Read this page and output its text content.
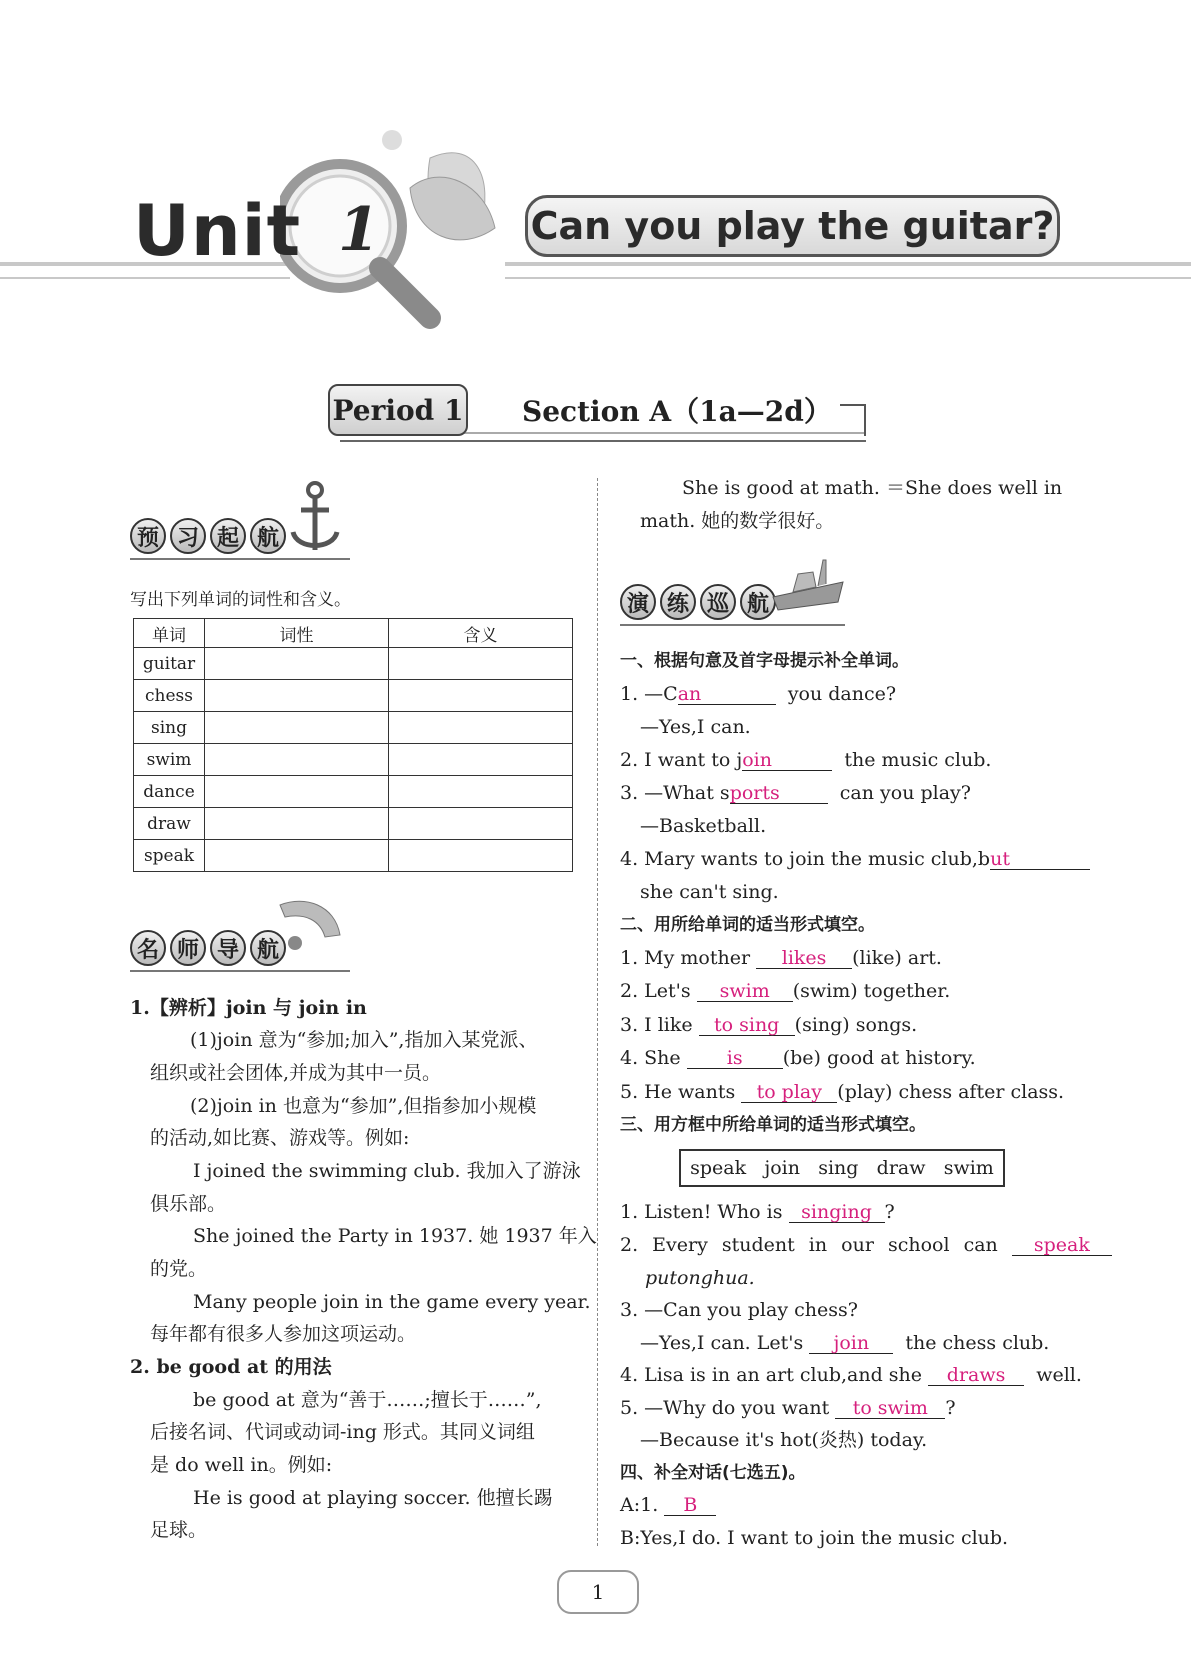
Unit 1	Can you play the guitar?
Period 1 Section A（1a—2d）
预 习 起 航
写出下列单词的词性和含义。
单词	词性	含义
guitar		
chess		
sing		
swim		
dance		
draw		
speak		
名 师 导 航
1.【辨析】join 与 join in
(1)join 意为“参加;加入”,指加入某党派、
组织或社会团体,并成为其中一员。
(2)join in 也意为“参加”,但指参加小规模
的活动,如比赛、游戏等。例如:
I joined the swimming club. 我加入了游泳
俱乐部。
She joined the Party in 1937. 她 1937 年入
的党。
Many people join in the game every year.
每年都有很多人参加这项运动。
2. be good at 的用法
be good at 意为“善于……;擅长于……”,
后接名词、代词或动词-ing 形式。其同义词组
是 do well in。例如:
He is good at playing soccer. 他擅长踢
足球。
She is good at math. ＝She does well in
math. 她的数学很好。
演 练 巡 航
一、根据句意及首字母提示补全单词。
1. —Can	you dance?
—Yes,I can.
2. I want to join	the music club.
3. —What sports	can you play?
—Basketball.
4. Mary wants to join the music club,but
she can't sing.
二、用所给单词的适当形式填空。
1. My mother likes (like) art.
2. Let's swim (swim) together.
3. I like to sing (sing) songs.
4. She is (be) good at history.
5. He wants to play (play) chess after class.
三、用方框中所给单词的适当形式填空。
speak join sing draw swim
1. Listen! Who is singing ?
2. Every student in our school can speak
putonghua.
3. —Can you play chess?
—Yes,I can. Let's join the chess club.
4. Lisa is in an art club,and she draws well.
5. —Why do you want to swim ?
—Because it's hot(炎热) today.
四、补全对话(七选五)。
A:1. B
B:Yes,I do. I want to join the music club.
1
